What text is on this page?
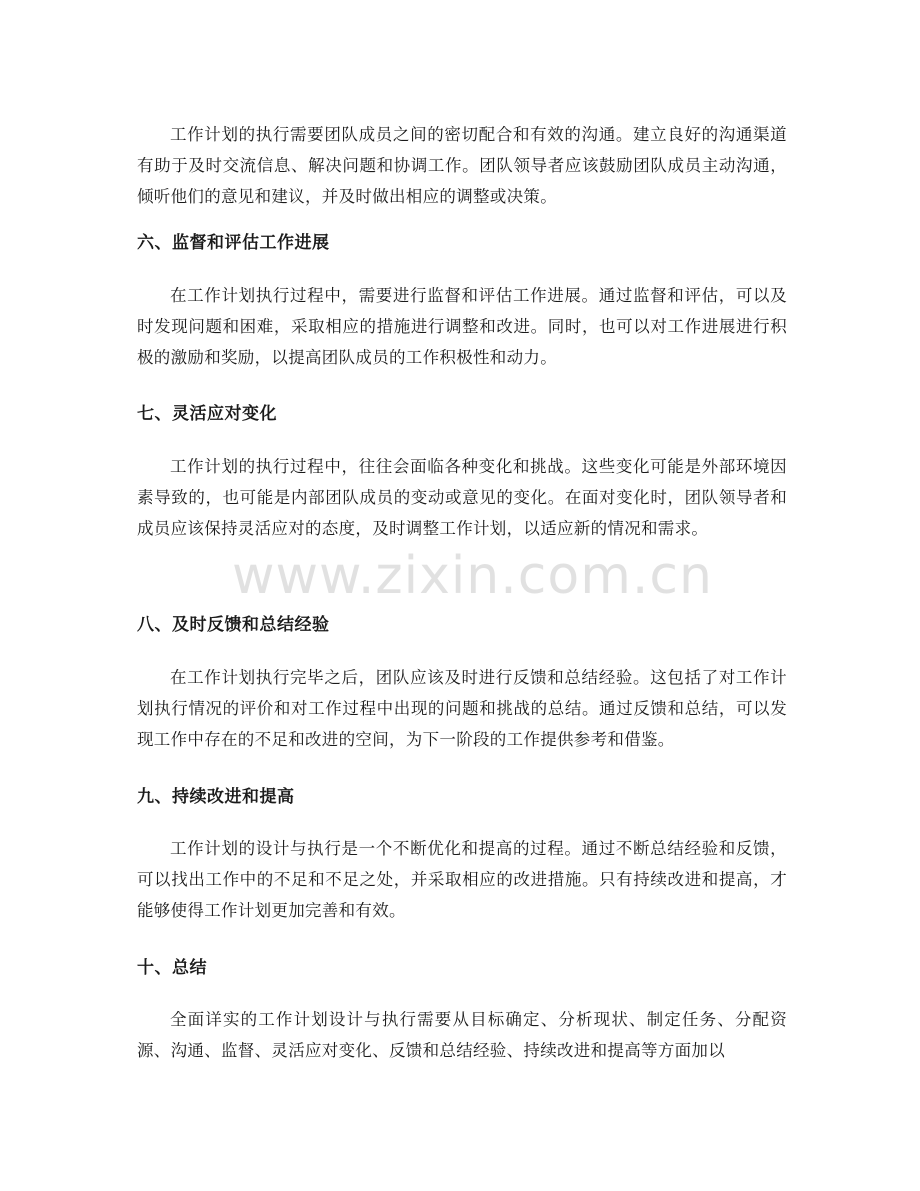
工作计划的执行需要团队成员之间的密切配合和有效的沟通。建立良好的沟通渠道有助于及时交流信息、解决问题和协调工作。团队领导者应该鼓励团队成员主动沟通，倾听他们的意见和建议，并及时做出相应的调整或决策。

六、监督和评估工作进展

在工作计划执行过程中，需要进行监督和评估工作进展。通过监督和评估，可以及时发现问题和困难，采取相应的措施进行调整和改进。同时，也可以对工作进展进行积极的激励和奖励，以提高团队成员的工作积极性和动力。

七、灵活应对变化

工作计划的执行过程中，往往会面临各种变化和挑战。这些变化可能是外部环境因素导致的，也可能是内部团队成员的变动或意见的变化。在面对变化时，团队领导者和成员应该保持灵活应对的态度，及时调整工作计划，以适应新的情况和需求。

八、及时反馈和总结经验

在工作计划执行完毕之后，团队应该及时进行反馈和总结经验。这包括了对工作计划执行情况的评价和对工作过程中出现的问题和挑战的总结。通过反馈和总结，可以发现工作中存在的不足和改进的空间，为下一阶段的工作提供参考和借鉴。

九、持续改进和提高

工作计划的设计与执行是一个不断优化和提高的过程。通过不断总结经验和反馈，可以找出工作中的不足和不足之处，并采取相应的改进措施。只有持续改进和提高，才能够使得工作计划更加完善和有效。

十、总结

全面详实的工作计划设计与执行需要从目标确定、分析现状、制定任务、分配资源、沟通、监督、灵活应对变化、反馈和总结经验、持续改进和提高等方面加以

www.zixin.com.cn
